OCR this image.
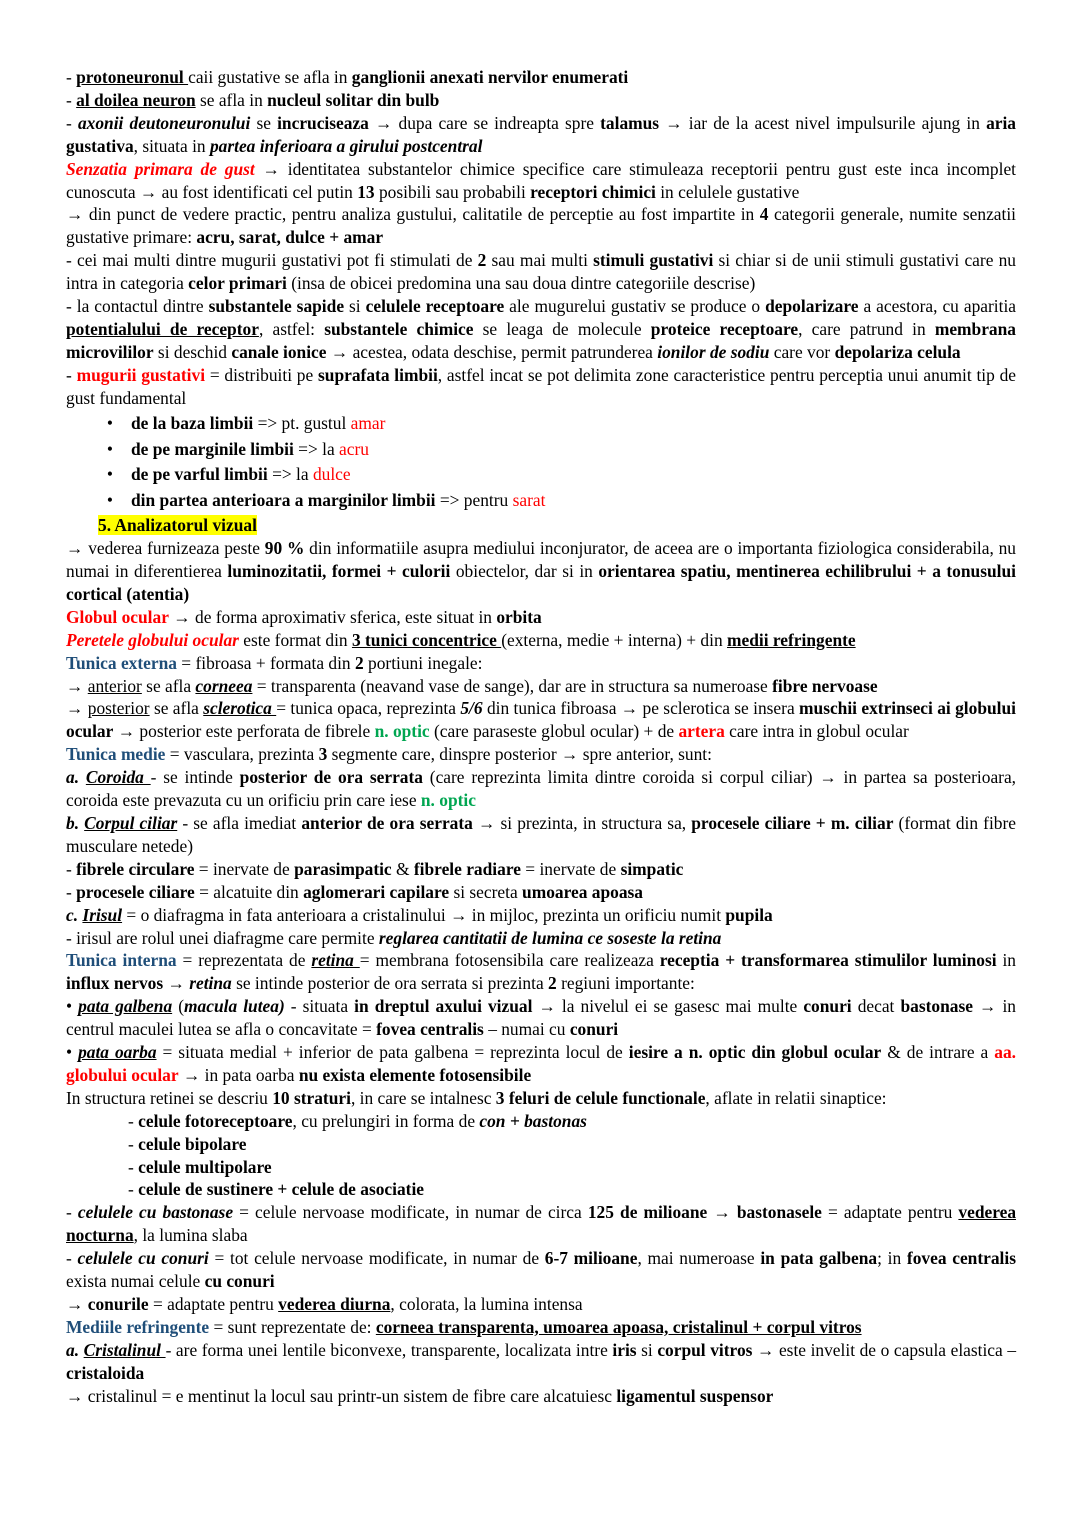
- protoneuronul caii gustative se afla in ganglionii anexati nervilor enumerati
- al doilea neuron se afla in nucleul solitar din bulb
- axonii deutoneuronului se incruciseaza → dupa care se indreapta spre talamus → iar de la acest nivel impulsurile ajung in aria gustativa, situata in partea inferioara a girului postcentral
Senzatia primara de gust → identitatea substantelor chimice specifice care stimuleaza receptorii pentru gust este inca incomplet cunoscuta → au fost identificati cel putin 13 posibili sau probabili receptori chimici in celulele gustative
→ din punct de vedere practic, pentru analiza gustului, calitatile de perceptie au fost impartite in 4 categorii generale, numite senzatii gustative primare: acru, sarat, dulce + amar
- cei mai multi dintre mugurii gustativi pot fi stimulati de 2 sau mai multi stimuli gustativi si chiar si de unii stimuli gustativi care nu intra in categoria celor primari (insa de obicei predomina una sau doua dintre categoriile descrise)
- la contactul dintre substantele sapide si celulele receptoare ale mugurelui gustativ se produce o depolarizare a acestora, cu aparitia potentialului de receptor, astfel: substantele chimice se leaga de molecule proteice receptoare, care patrund in membrana microvililor si deschid canale ionice → acestea, odata deschise, permit patrunderea ionilor de sodiu care vor depolariza celula
- mugurii gustativi = distribuiti pe suprafata limbii, astfel incat se pot delimita zone caracteristice pentru perceptia unui anumit tip de gust fundamental
•	de la baza limbii => pt. gustul amar
•	de pe marginile limbii => la acru
•	de pe varful limbii => la dulce
•	din partea anterioara a marginilor limbii => pentru sarat
5. Analizatorul vizual
→ vederea furnizeaza peste 90 % din informatiile asupra mediului inconjurator, de aceea are o importanta fiziologica considerabila, nu numai in diferentierea luminozitatii, formei + culorii obiectelor, dar si in orientarea spatiu, mentinerea echilibrului + a tonusului cortical (atentia)
Globul ocular → de forma aproximativ sferica, este situat in orbita
Peretele globului ocular este format din 3 tunici concentrice (externa, medie + interna) + din medii refringente
Tunica externa = fibroasa + formata din 2 portiuni inegale:
→ anterior se afla corneea = transparenta (neavand vase de sange), dar are in structura sa numeroase fibre nervoase
→ posterior se afla sclerotica = tunica opaca, reprezinta 5/6 din tunica fibroasa → pe sclerotica se insera muschii extrinseci ai globului ocular → posterior este perforata de fibrele n. optic (care paraseste globul ocular) + de artera care intra in globul ocular
Tunica medie = vasculara, prezinta 3 segmente care, dinspre posterior → spre anterior, sunt:
a. Coroida - se intinde posterior de ora serrata (care reprezinta limita dintre coroida si corpul ciliar) → in partea sa posterioara, coroida este prevazuta cu un orificiu prin care iese n. optic
b. Corpul ciliar - se afla imediat anterior de ora serrata → si prezinta, in structura sa, procesele ciliare + m. ciliar (format din fibre musculare netede)
- fibrele circulare = inervate de parasimpatic & fibrele radiare = inervate de simpatic
- procesele ciliare = alcatuite din aglomerari capilare si secreta umoarea apoasa
c. Irisul = o diafragma in fata anterioara a cristalinului → in mijloc, prezinta un orificiu numit pupila
- irisul are rolul unei diafragme care permite reglarea cantitatii de lumina ce soseste la retina
Tunica interna = reprezentata de retina = membrana fotosensibila care realizeaza receptia + transformarea stimulilor luminosi in influx nervos → retina se intinde posterior de ora serrata si prezinta 2 regiuni importante:
• pata galbena (macula lutea) - situata in dreptul axului vizual → la nivelul ei se gasesc mai multe conuri decat bastonase → in centrul maculei lutea se afla o concavitate = fovea centralis – numai cu conuri
• pata oarba = situata medial + inferior de pata galbena = reprezinta locul de iesire a n. optic din globul ocular & de intrare a aa. globului ocular → in pata oarba nu exista elemente fotosensibile
In structura retinei se descriu 10 straturi, in care se intalnesc 3 feluri de celule functionale, aflate in relatii sinaptice:
- celule fotoreceptoare, cu prelungiri in forma de con + bastonas
- celule bipolare
- celule multipolare
- celule de sustinere + celule de asociatie
- celulele cu bastonase = celule nervoase modificate, in numar de circa 125 de milioane → bastonasele = adaptate pentru vederea nocturna, la lumina slaba
- celulele cu conuri = tot celule nervoase modificate, in numar de 6-7 milioane, mai numeroase in pata galbena; in fovea centralis exista numai celule cu conuri
→ conurile = adaptate pentru vederea diurna, colorata, la lumina intensa
Mediile refringente = sunt reprezentate de: corneea transparenta, umoarea apoasa, cristalinul + corpul vitros
a. Cristalinul - are forma unei lentile biconvexe, transparente, localizata intre iris si corpul vitros → este invelit de o capsula elastica – cristaloida
→ cristalinul = e mentinut la locul sau printr-un sistem de fibre care alcatuiesc ligamentul suspensor
